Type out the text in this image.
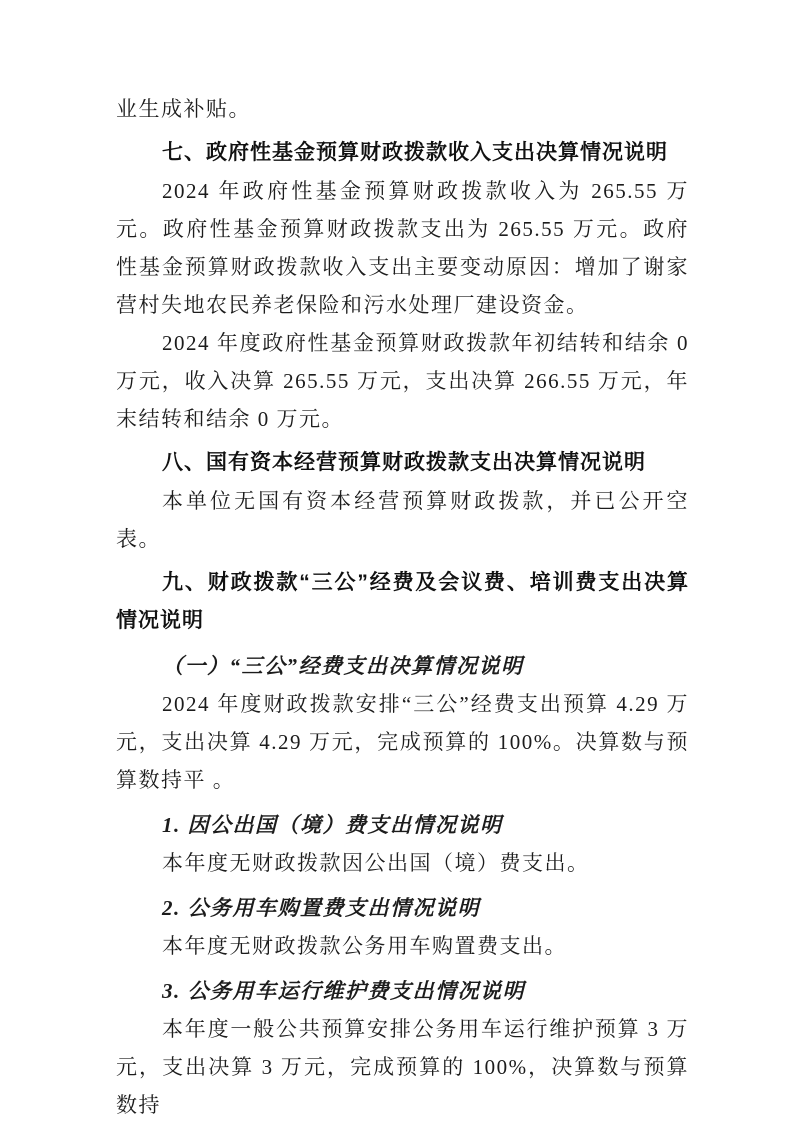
业生成补贴。

七、政府性基金预算财政拨款收入支出决算情况说明

2024 年政府性基金预算财政拨款收入为 265.55 万元。政府性基金预算财政拨款支出为 265.55 万元。政府性基金预算财政拨款收入支出主要变动原因：增加了谢家营村失地农民养老保险和污水处理厂建设资金。

2024 年度政府性基金预算财政拨款年初结转和结余 0 万元，收入决算 265.55 万元，支出决算 266.55 万元，年末结转和结余 0 万元。

八、国有资本经营预算财政拨款支出决算情况说明

本单位无国有资本经营预算财政拨款，并已公开空表。

九、财政拨款“三公”经费及会议费、培训费支出决算情况说明
（一）“三公”经费支出决算情况说明

2024 年度财政拨款安排“三公”经费支出预算 4.29 万元，支出决算 4.29 万元，完成预算的 100%。决算数与预算数持平 。

1. 因公出国（境）费支出情况说明

本年度无财政拨款因公出国（境）费支出。

2. 公务用车购置费支出情况说明

本年度无财政拨款公务用车购置费支出。

3. 公务用车运行维护费支出情况说明

本年度一般公共预算安排公务用车运行维护预算 3 万元，支出决算 3 万元，完成预算的 100%，决算数与预算数持
